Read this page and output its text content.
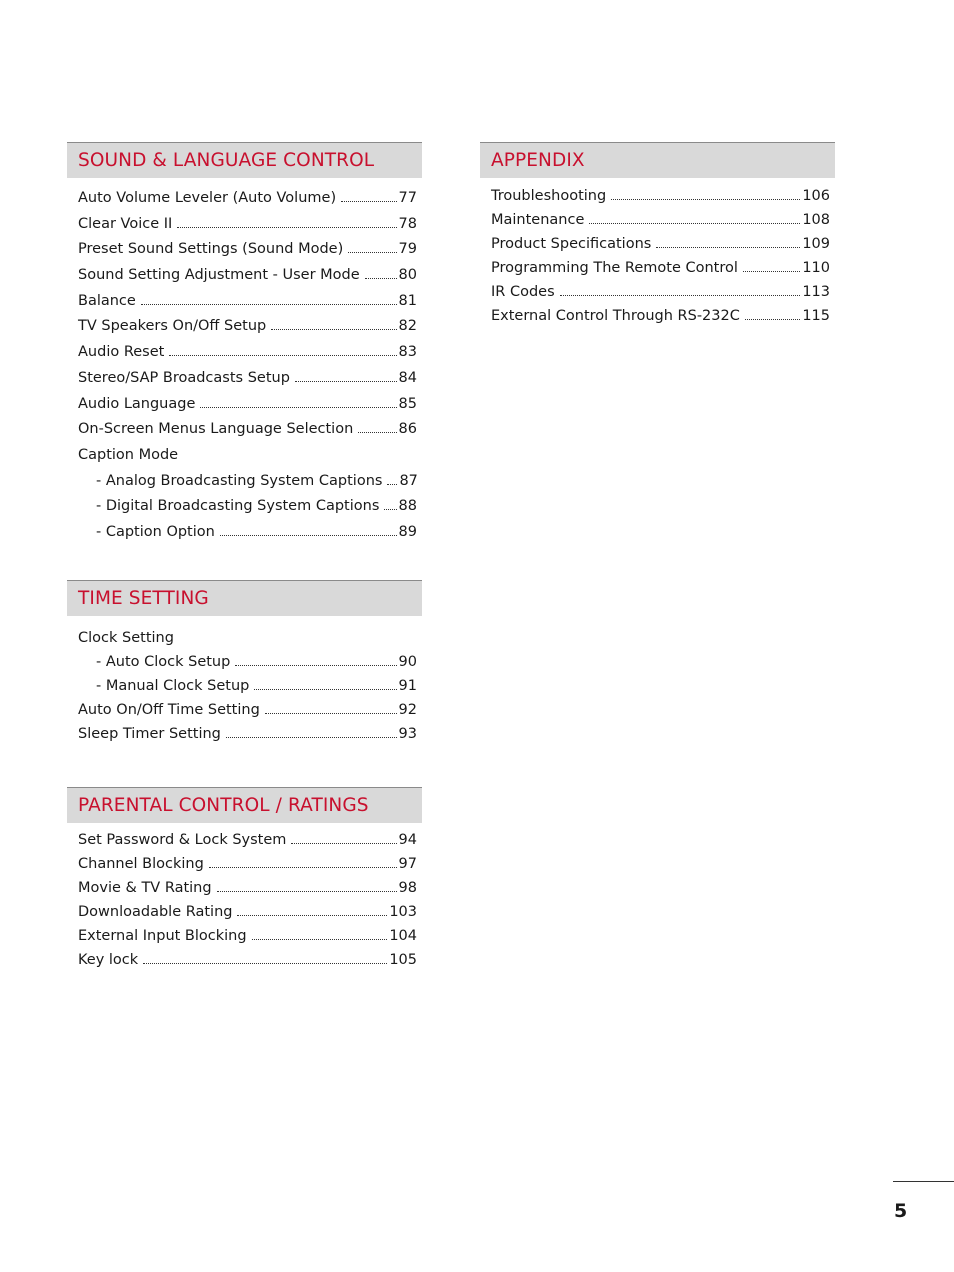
SOUND & LANGUAGE CONTROL
Auto Volume Leveler (Auto Volume)	77
Clear Voice II	78
Preset Sound Settings (Sound Mode)	79
Sound Setting Adjustment - User Mode	80
Balance	81
TV Speakers On/Off Setup	82
Audio Reset	83
Stereo/SAP Broadcasts Setup	84
Audio Language	85
On-Screen Menus Language Selection	86
Caption Mode
- Analog Broadcasting System Captions 87
- Digital Broadcasting System Captions 88
- Caption Option	89
TIME SETTING
Clock Setting
- Auto Clock Setup	90
- Manual Clock Setup	91
Auto On/Off Time Setting	92
Sleep Timer Setting	93
PARENTAL CONTROL / RATINGS
Set Password & Lock System	94
Channel Blocking	97
Movie & TV Rating	98
Downloadable Rating	103
External Input Blocking	104
Key lock	105
APPENDIX
Troubleshooting	106
Maintenance	108
Product Specifications	109
Programming The Remote Control	110
IR Codes	113
External Control Through RS-232C	115
5
